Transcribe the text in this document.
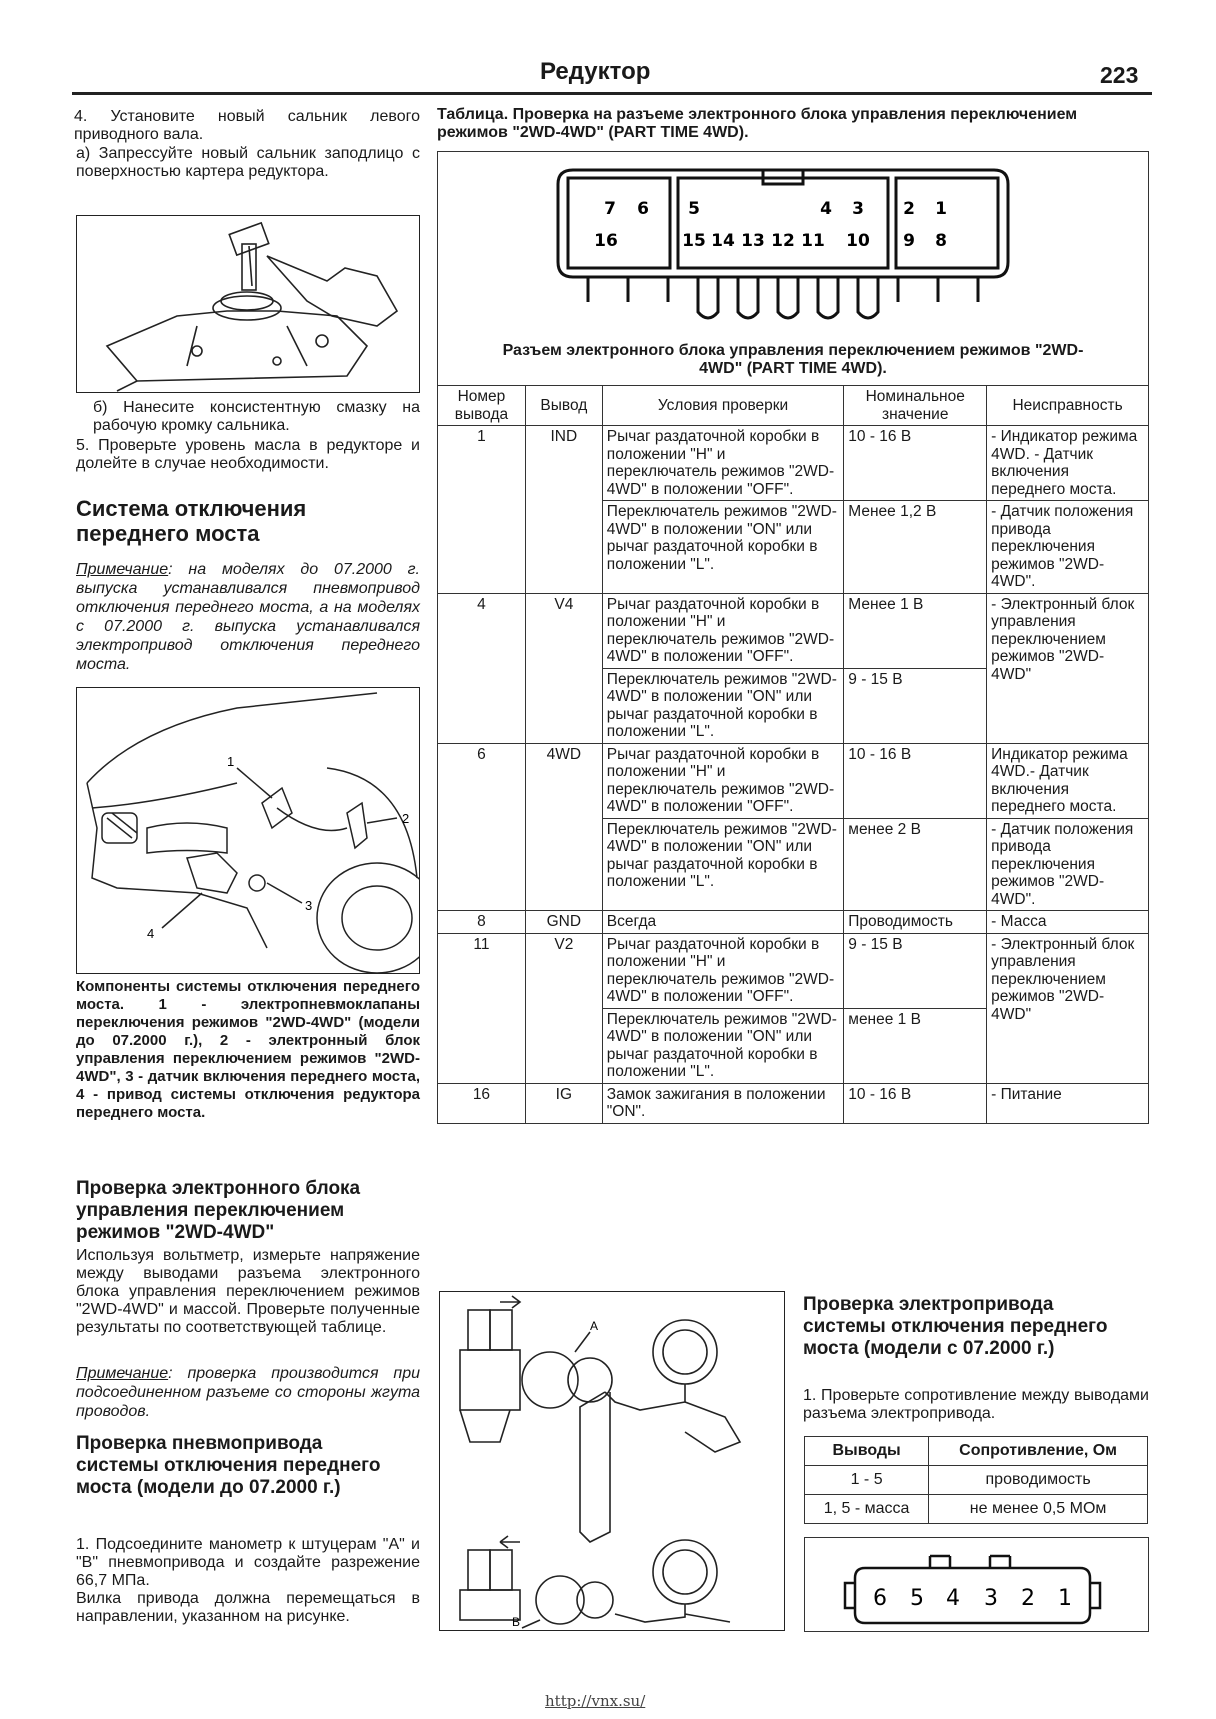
Редуктор	223
4. Установите новый сальник левого приводного вала.
а) Запрессуйте новый сальник заподлицо с поверхностью картера редуктора.
б) Нанесите консистентную смазку на рабочую кромку сальника.
5. Проверьте уровень масла в редукторе и долейте в случае необходимости.
Система отключения переднего моста
Примечание: на моделях до 07.2000 г. выпуска устанавливался пневмопривод отключения переднего моста, а на моделях с 07.2000 г. выпуска устанавливался электропривод отключения переднего моста.
1
2
3
4
Компоненты системы отключения переднего моста. 1 - электропневмоклапаны переключения режимов "2WD-4WD" (модели до 07.2000 г.), 2 - электронный блок управления переключением режимов "2WD-4WD", 3 - датчик включения переднего моста, 4 - привод системы отключения редуктора переднего моста.
Проверка электронного блока управления переключением режимов "2WD-4WD"
Используя вольтметр, измерьте напряжение между выводами разъема электронного блока управления переключением режимов "2WD-4WD" и массой. Проверьте полученные результаты по соответствующей таблице.
Примечание: проверка производится при подсоединенном разъеме со стороны жгута проводов.
Проверка пневмопривода системы отключения переднего моста (модели до 07.2000 г.)
1. Подсоедините манометр к штуцерам "А" и "В" пневмопривода и создайте разрежение 66,7 МПа.
Вилка привода должна перемещаться в направлении, указанном на рисунке.
Таблица. Проверка на разъеме электронного блока управления переключением режимов "2WD-4WD" (PART TIME 4WD).
7 6 5	4 3 2 1
16	15 14 13 12 11 10 9 8
Разъем электронного блока управления переключением режимов "2WD-4WD" (PART TIME 4WD).
Номер вывода	Вывод	Условия проверки	Номинальное значение	Неисправность
1	IND	Рычаг раздаточной коробки в положении "H" и переключатель режимов "2WD-4WD" в положении "OFF".	10 - 16 В	- Индикатор режима 4WD. - Датчик включения переднего моста.
		Переключатель режимов "2WD-4WD" в положении "ON" или рычаг раздаточной коробки в положении "L".	Менее 1,2 В	- Датчик положения привода переключения режимов "2WD-4WD".
4	V4	Рычаг раздаточной коробки в положении "H" и переключатель режимов "2WD-4WD" в положении "OFF".	Менее 1 В	- Электронный блок управления переключением режимов "2WD-4WD"
		Переключатель режимов "2WD-4WD" в положении "ON" или рычаг раздаточной коробки в положении "L".	9 - 15 В	
6	4WD	Рычаг раздаточной коробки в положении "H" и переключатель режимов "2WD-4WD" в положении "OFF".	10 - 16 В	Индикатор режима 4WD.- Датчик включения переднего моста.
		Переключатель режимов "2WD-4WD" в положении "ON" или рычаг раздаточной коробки в положении "L".	менее 2 В	- Датчик положения привода переключения режимов "2WD-4WD".
8	GND	Всегда	Проводимость	- Масса
11	V2	Рычаг раздаточной коробки в положении "H" и переключатель режимов "2WD-4WD" в положении "OFF".	9 - 15 В	- Электронный блок управления переключением режимов "2WD-4WD"
		Переключатель режимов "2WD-4WD" в положении "ON" или рычаг раздаточной коробки в положении "L".	менее 1 В	
16	IG	Замок зажигания в положении "ON".	10 - 16 В	- Питание
A
B
Проверка электропривода системы отключения переднего моста (модели с 07.2000 г.)
1. Проверьте сопротивление между выводами разъема электропривода.
Выводы	Сопротивление, Ом
1 - 5	проводимость
1, 5 - масса	не менее 0,5 МОм
6 5 4 3 2 1
http://vnx.su/
